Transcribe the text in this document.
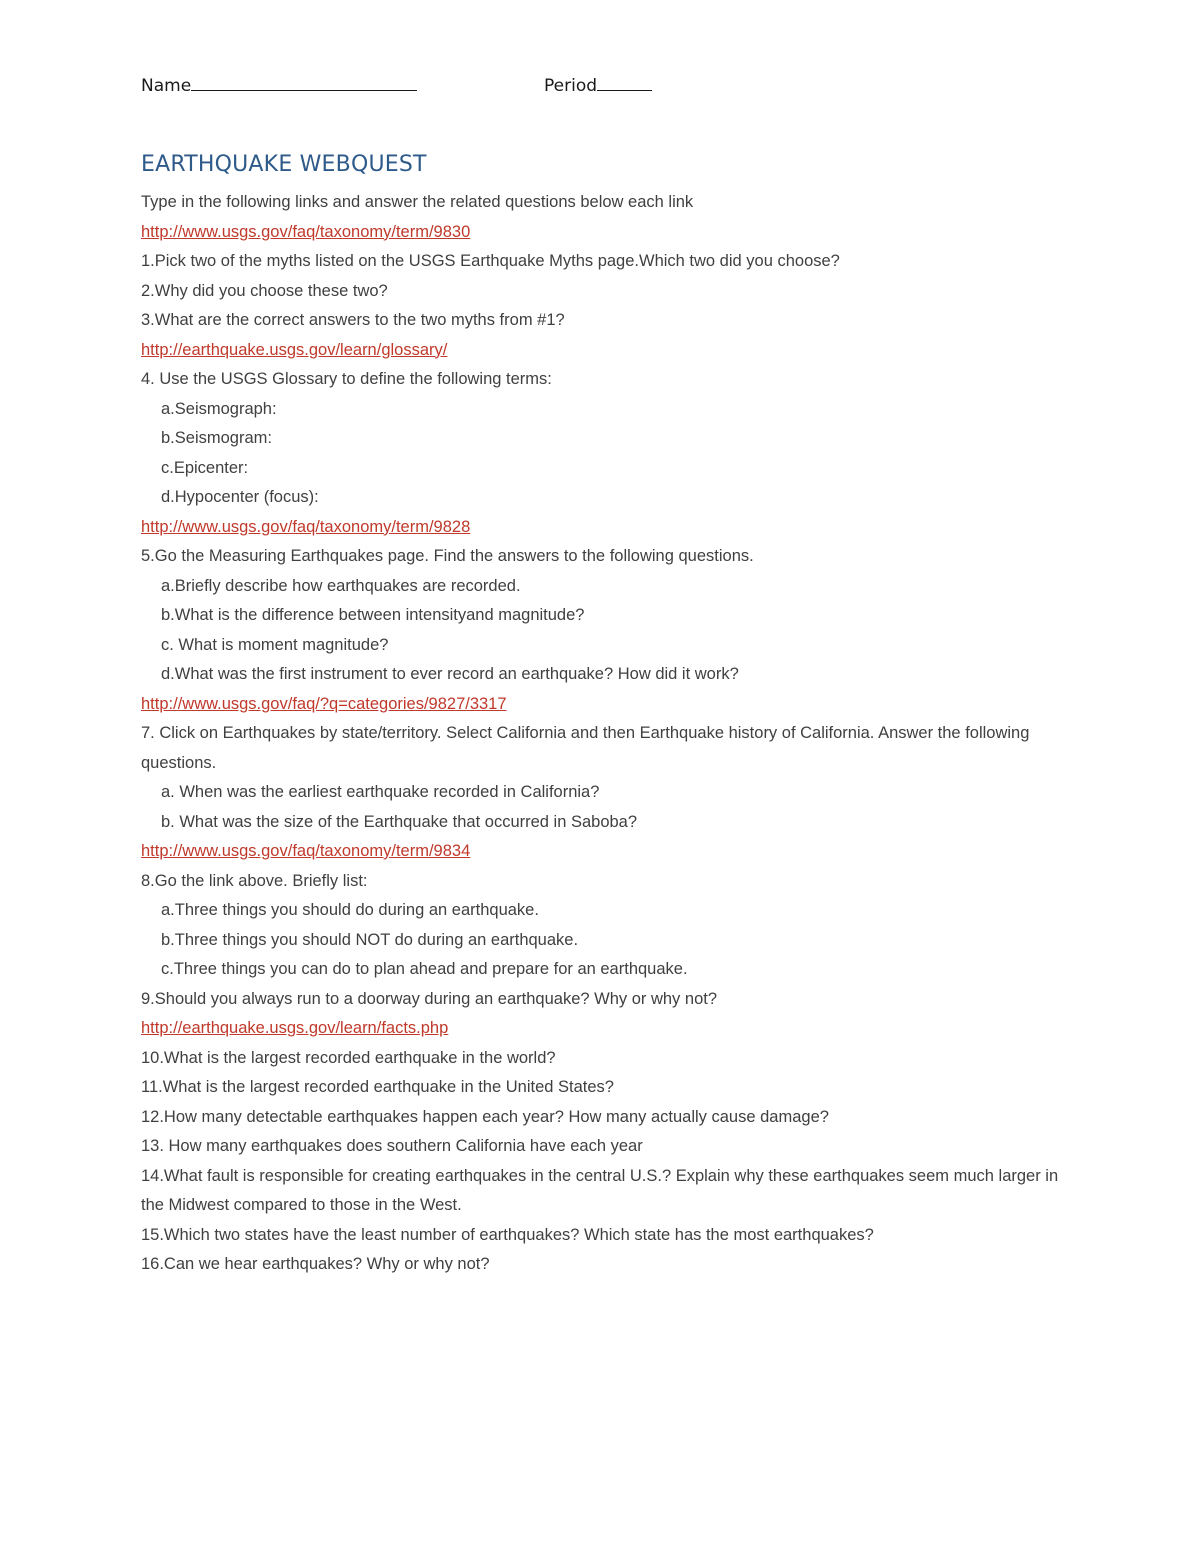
Name	Period
EARTHQUAKE WEBQUEST

Type in the following links and answer the related questions below each link

http://www.usgs.gov/faq/taxonomy/term/9830

1.Pick two of the myths listed on the USGS Earthquake Myths page.Which two did you choose?

2.Why did you choose these two?

3.What are the correct answers to the two myths from #1?

http://earthquake.usgs.gov/learn/glossary/

4. Use the USGS Glossary to define the following terms:

a.Seismograph:

b.Seismogram:

c.Epicenter:

d.Hypocenter (focus):

http://www.usgs.gov/faq/taxonomy/term/9828

5.Go the Measuring Earthquakes page. Find the answers to the following questions.

a.Briefly describe how earthquakes are recorded.

b.What is the difference between intensityand magnitude?

c. What is moment magnitude?

d.What was the first instrument to ever record an earthquake? How did it work?

http://www.usgs.gov/faq/?q=categories/9827/3317

7. Click on Earthquakes by state/territory. Select California and then Earthquake history of California. Answer the following questions.

a. When was the earliest earthquake recorded in California?

b. What was the size of the Earthquake that occurred in Saboba?

http://www.usgs.gov/faq/taxonomy/term/9834

8.Go the link above. Briefly list:

a.Three things you should do during an earthquake.

b.Three things you should NOT do during an earthquake.

c.Three things you can do to plan ahead and prepare for an earthquake.

9.Should you always run to a doorway during an earthquake? Why or why not?

http://earthquake.usgs.gov/learn/facts.php

10.What is the largest recorded earthquake in the world?

11.What is the largest recorded earthquake in the United States?

12.How many detectable earthquakes happen each year? How many actually cause damage?

13. How many earthquakes does southern California have each year

14.What fault is responsible for creating earthquakes in the central U.S.? Explain why these earthquakes seem much larger in the Midwest compared to those in the West.

15.Which two states have the least number of earthquakes? Which state has the most earthquakes?

16.Can we hear earthquakes? Why or why not?
